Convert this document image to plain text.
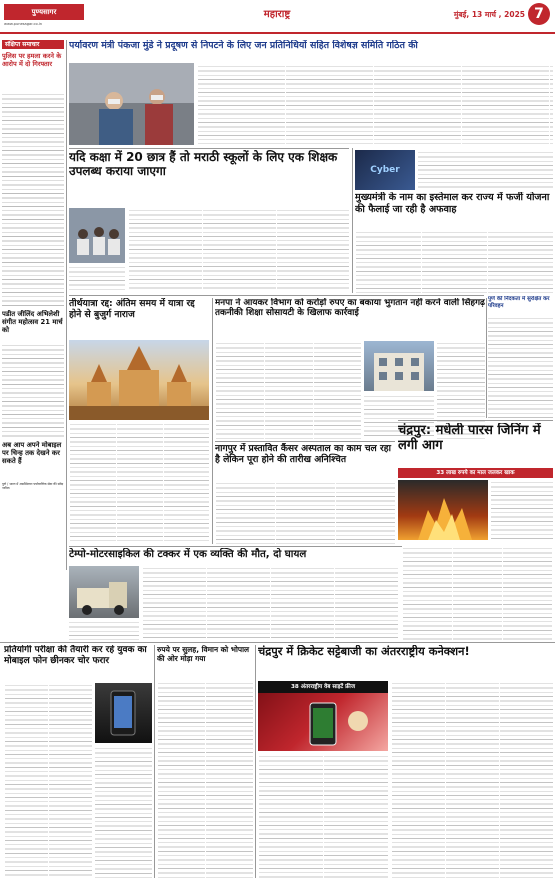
पुण्यसागर
www.punesagar.co.in
महाराष्ट्र	मुंबई, 13 मार्च , 2025 7
संक्षिप्त समाचार
पुलिस पर हमला करने के आरोप में दो गिरफ्तार
पडीत जीलिंद अभिलेशी संगीत महोत्सव 21 मार्च को
अब आप अपने मोबाइल पर चिन्ह तक देखने कर सकते हैं
पुणे / भारत में असम्मिलान पर्यावरणिक सेवा की संवेदनशील।
पर्यावरण मंत्री पंकजा मुंडे ने प्रदूषण से निपटने के लिए जन प्रतिनिधियों सहित विशेषज्ञ समिति गठित की
यदि कक्षा में 20 छात्र हैं तो मराठी स्कूलों के लिए एक शिक्षक उपलब्ध कराया जाएगा	Cyber
मुख्यमंत्री के नाम का इस्तेमाल कर राज्य में फर्जी योजना की फैलाई जा रही है अफवाह
पुणे की निंदकता में सुरक्षित कर परिवहन
तीर्थयात्रा रद्द: अंतिम समय में यात्रा रद्द होने से बुजुर्ग नाराज
मनपा ने आयकर विभाग को करोड़ों रुपए का बकाया भुगतान नहीं करने वाली सिंहगढ़ तकनीकी शिक्षा सोसायटी के खिलाफ कार्रवाई
नागपुर में प्रस्तावित कैंसर अस्पताल का काम चल रहा है लेकिन पूरा होने की तारीख अनिश्चित
चंद्रपुर: मधेली पारस जिनिंग में लगी आग
33 लाख रुपये का माल जलकर खाक
टेम्पो-मोटरसाइकिल की टक्कर में एक व्यक्ति की मौत, दो घायल
प्रतियोगी परीक्षा की तैयारी कर रहे युवक का मोबाइल फोन छीनकर चोर फरार
रुपये पर सुलह, विमान को भोपाल की ओर मोड़ा गया
चंद्रपुर में क्रिकेट सट्टेबाजी का अंतरराष्ट्रीय कनेक्शन!
38 अंतरराष्ट्रीय वेब साइटें फ्रीज
